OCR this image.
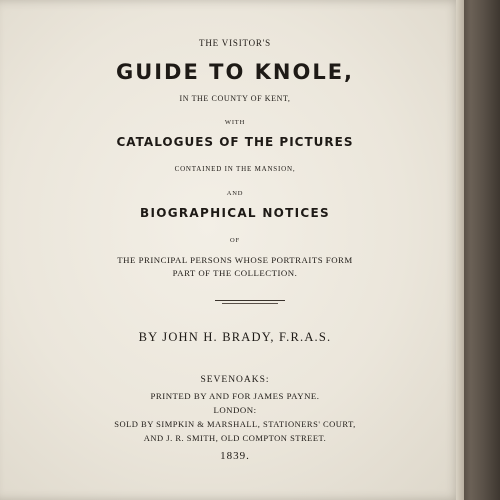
THE VISITOR'S
GUIDE TO KNOLE,
IN THE COUNTY OF KENT,
WITH
CATALOGUES OF THE PICTURES
CONTAINED IN THE MANSION,
AND
BIOGRAPHICAL NOTICES
OF
THE PRINCIPAL PERSONS WHOSE PORTRAITS FORM
PART OF THE COLLECTION.
BY JOHN H. BRADY, F.R.A.S.
SEVENOAKS:
PRINTED BY AND FOR JAMES PAYNE.
LONDON:
SOLD BY SIMPKIN & MARSHALL, STATIONERS' COURT,
AND J. R. SMITH, OLD COMPTON STREET.
1839.
